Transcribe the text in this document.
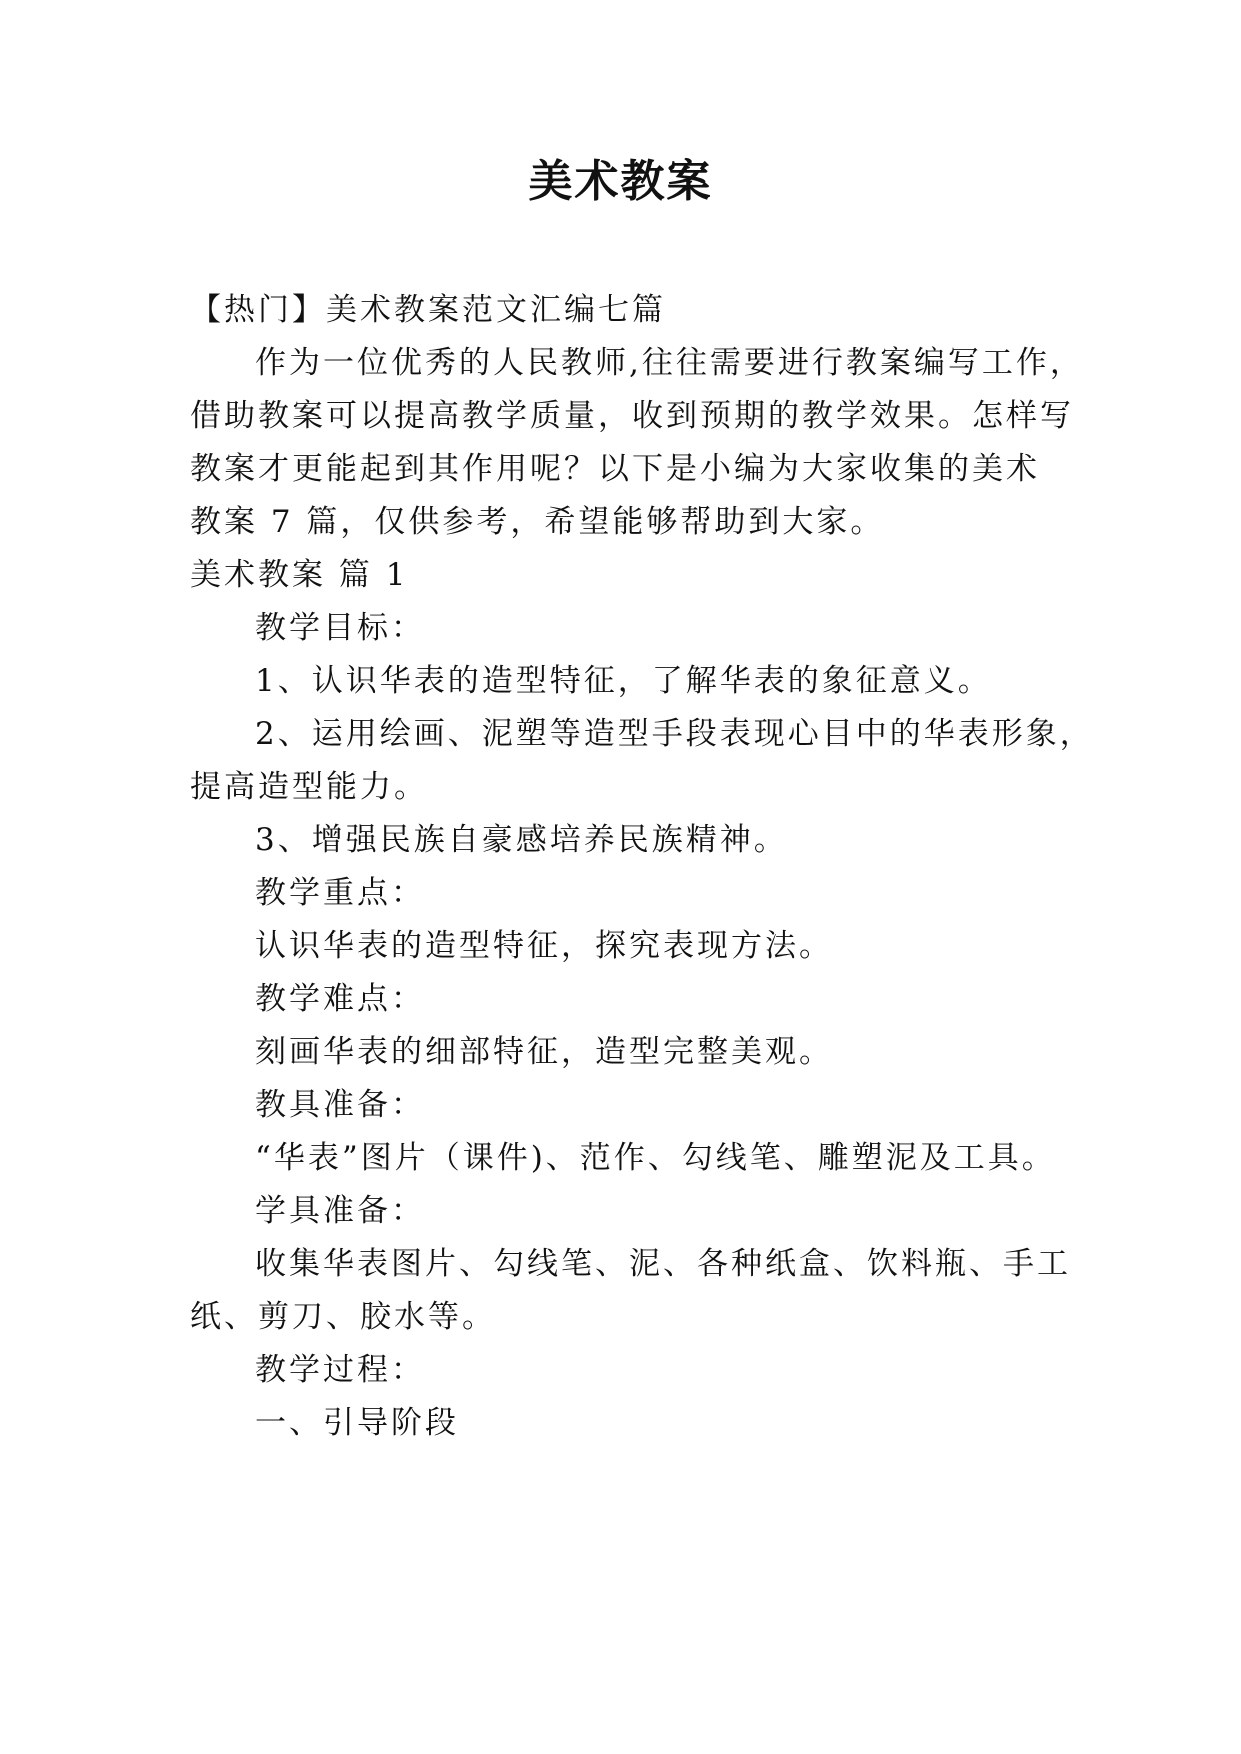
美术教案
【热门】美术教案范文汇编七篇
作为一位优秀的人民教师,往往需要进行教案编写工作，
借助教案可以提高教学质量，收到预期的教学效果。怎样写
教案才更能起到其作用呢？以下是小编为大家收集的美术
教案 7 篇，仅供参考，希望能够帮助到大家。
美术教案 篇 1
教学目标：
1、认识华表的造型特征，了解华表的象征意义。
2、运用绘画、泥塑等造型手段表现心目中的华表形象，
提高造型能力。
3、增强民族自豪感培养民族精神。
教学重点：
认识华表的造型特征，探究表现方法。
教学难点：
刻画华表的细部特征，造型完整美观。
教具准备：
“华表”图片（课件)、范作、勾线笔、雕塑泥及工具。
学具准备：
收集华表图片、勾线笔、泥、各种纸盒、饮料瓶、手工
纸、剪刀、胶水等。
教学过程：
一、引导阶段
